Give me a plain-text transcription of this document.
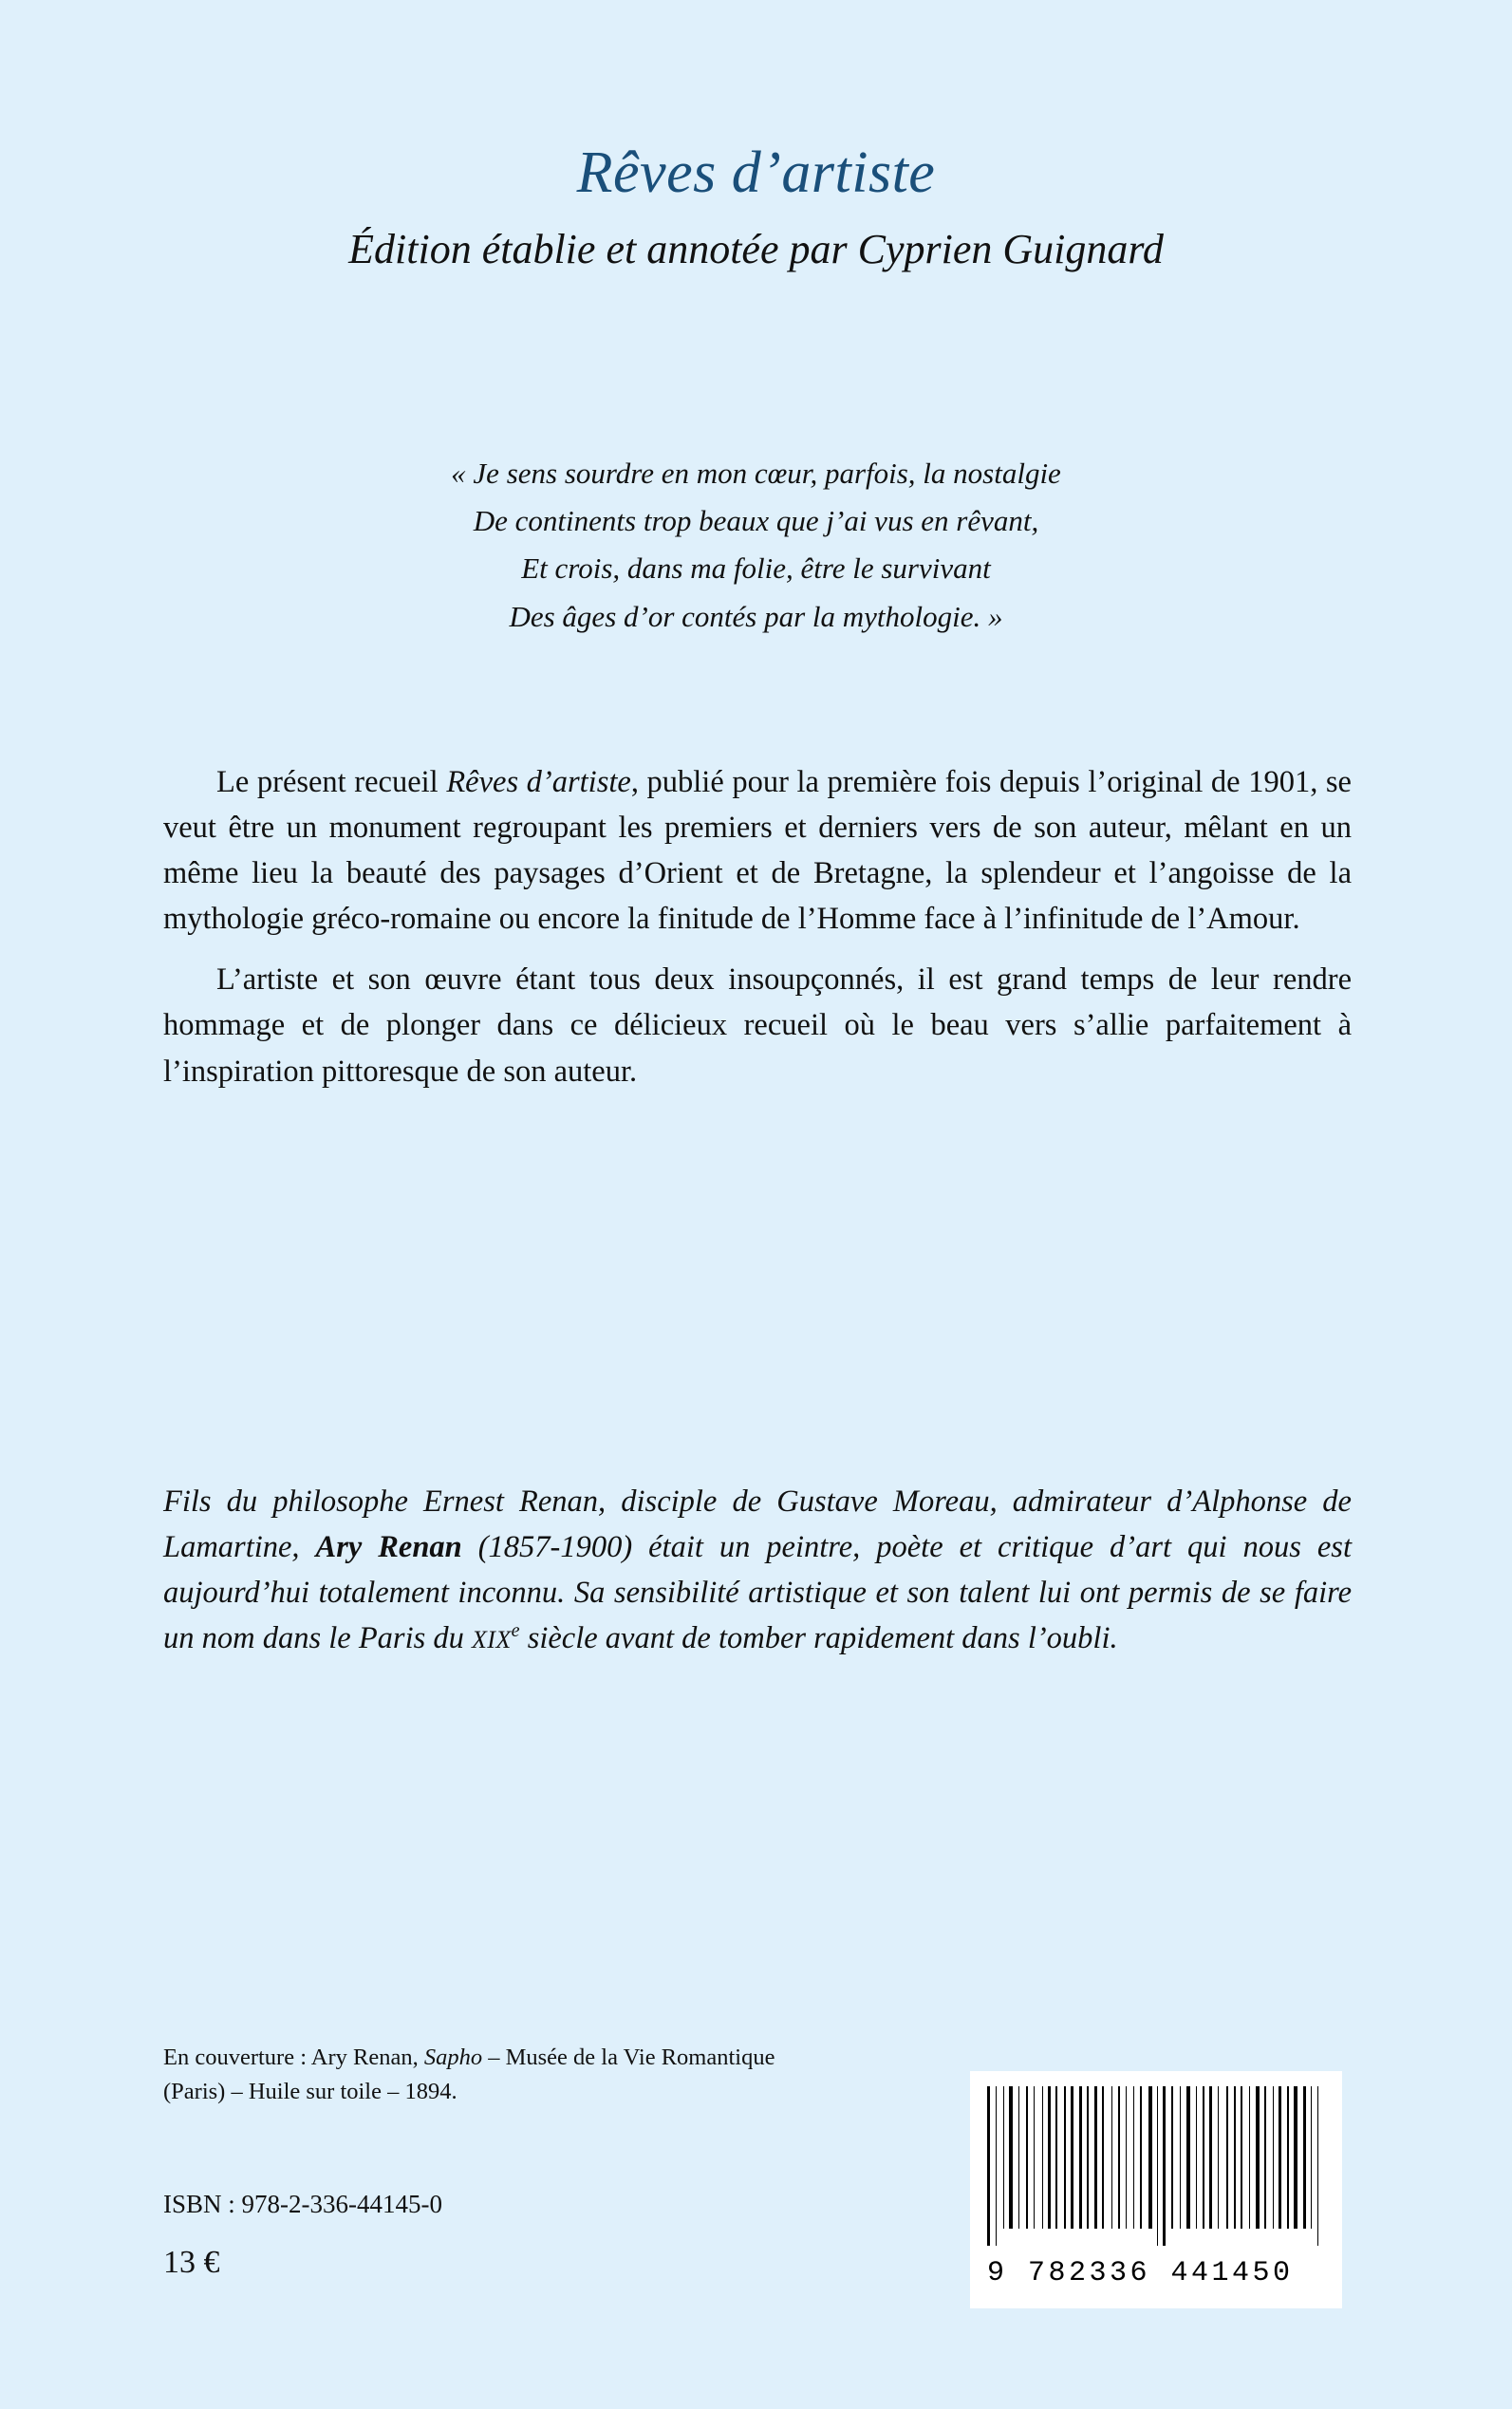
Rêves d’artiste
Édition établie et annotée par Cyprien Guignard
« Je sens sourdre en mon cœur, parfois, la nostalgie
De continents trop beaux que j’ai vus en rêvant,
Et crois, dans ma folie, être le survivant
Des âges d’or contés par la mythologie. »

Le présent recueil Rêves d’artiste, publié pour la première fois depuis l’original de 1901, se veut être un monument regroupant les premiers et derniers vers de son auteur, mêlant en un même lieu la beauté des paysages d’Orient et de Bretagne, la splendeur et l’angoisse de la mythologie gréco-romaine ou encore la finitude de l’Homme face à l’infinitude de l’Amour.

L’artiste et son œuvre étant tous deux insoupçonnés, il est grand temps de leur rendre hommage et de plonger dans ce délicieux recueil où le beau vers s’allie parfaitement à l’inspiration pittoresque de son auteur.

Fils du philosophe Ernest Renan, disciple de Gustave Moreau, admirateur d’Alphonse de Lamartine, Ary Renan (1857-1900) était un peintre, poète et critique d’art qui nous est aujourd’hui totalement inconnu. Sa sensibilité artistique et son talent lui ont permis de se faire un nom dans le Paris du XIXe siècle avant de tomber rapidement dans l’oubli.
En couverture : Ary Renan, Sapho – Musée de la Vie Romantique (Paris) – Huile sur toile – 1894.
ISBN : 978-2-336-44145-0
13 €	9 782336 441450
